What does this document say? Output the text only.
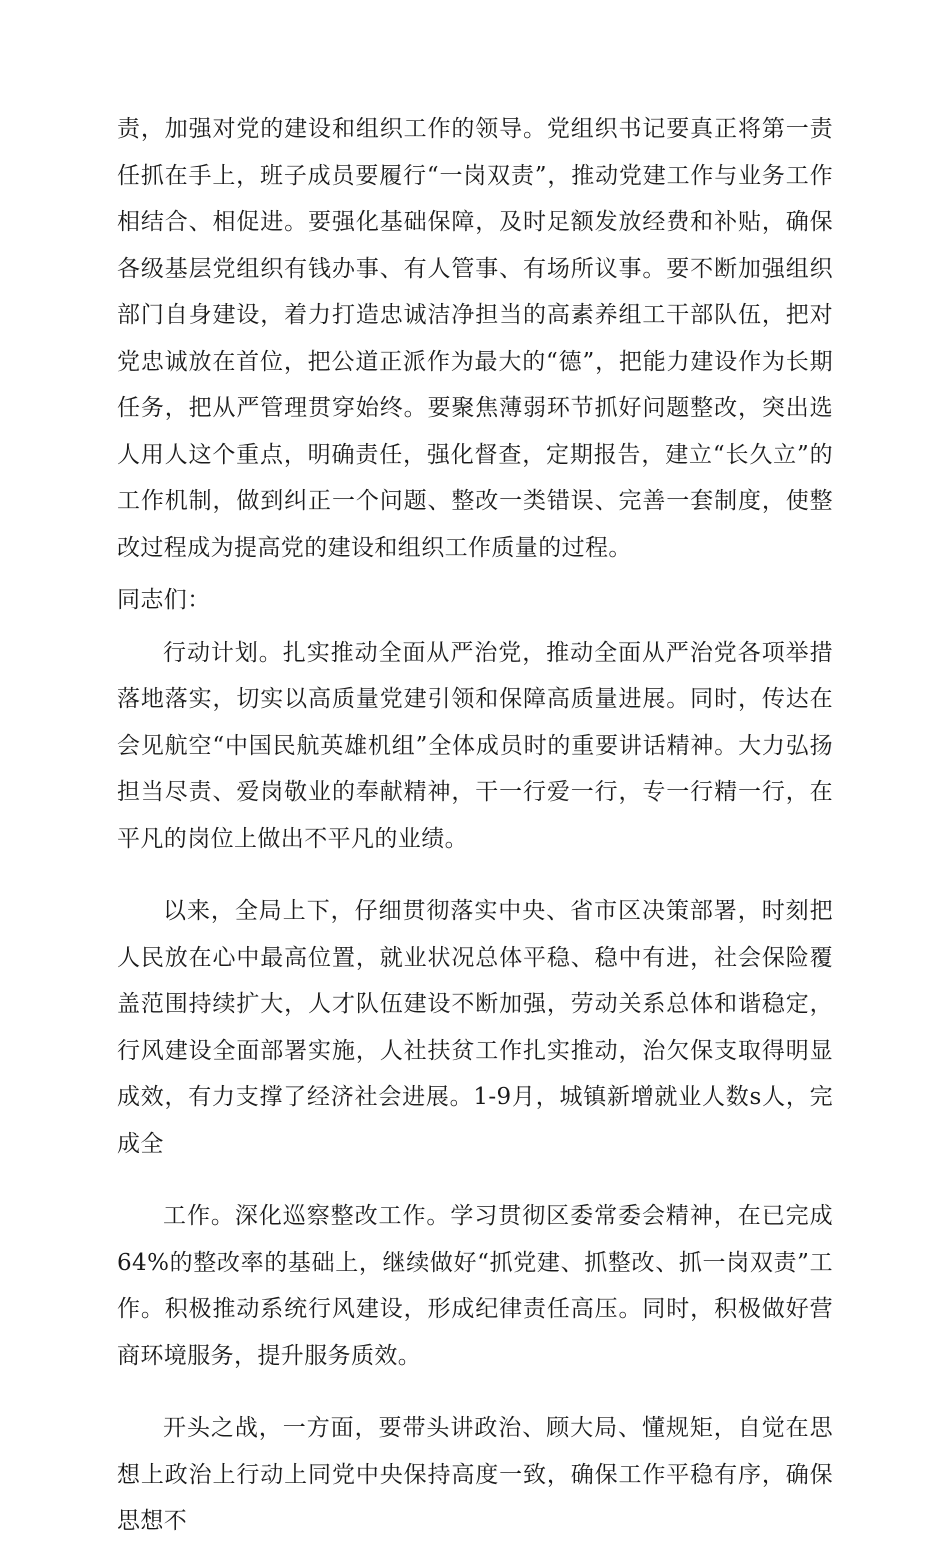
责，加强对党的建设和组织工作的领导。党组织书记要真正将第一责任抓在手上，班子成员要履行“一岗双责”，推动党建工作与业务工作相结合、相促进。要强化基础保障，及时足额发放经费和补贴，确保各级基层党组织有钱办事、有人管事、有场所议事。要不断加强组织部门自身建设，着力打造忠诚洁净担当的高素养组工干部队伍，把对党忠诚放在首位，把公道正派作为最大的“德”，把能力建设作为长期任务，把从严管理贯穿始终。要聚焦薄弱环节抓好问题整改，突出选人用人这个重点，明确责任，强化督查，定期报告，建立“长久立”的工作机制，做到纠正一个问题、整改一类错误、完善一套制度，使整改过程成为提高党的建设和组织工作质量的过程。

同志们：

行动计划。扎实推动全面从严治党，推动全面从严治党各项举措落地落实，切实以高质量党建引领和保障高质量进展。同时，传达在会见航空“中国民航英雄机组”全体成员时的重要讲话精神。大力弘扬担当尽责、爱岗敬业的奉献精神，干一行爱一行，专一行精一行，在平凡的岗位上做出不平凡的业绩。

以来，全局上下，仔细贯彻落实中央、省市区决策部署，时刻把人民放在心中最高位置，就业状况总体平稳、稳中有进，社会保险覆盖范围持续扩大，人才队伍建设不断加强，劳动关系总体和谐稳定，行风建设全面部署实施，人社扶贫工作扎实推动，治欠保支取得明显成效，有力支撑了经济社会进展。1-9月，城镇新增就业人数s人，完成全

工作。深化巡察整改工作。学习贯彻区委常委会精神，在已完成64%的整改率的基础上，继续做好“抓党建、抓整改、抓一岗双责”工作。积极推动系统行风建设，形成纪律责任高压。同时，积极做好营商环境服务，提升服务质效。

开头之战，一方面，要带头讲政治、顾大局、懂规矩，自觉在思想上政治上行动上同党中央保持高度一致，确保工作平稳有序，确保思想不
